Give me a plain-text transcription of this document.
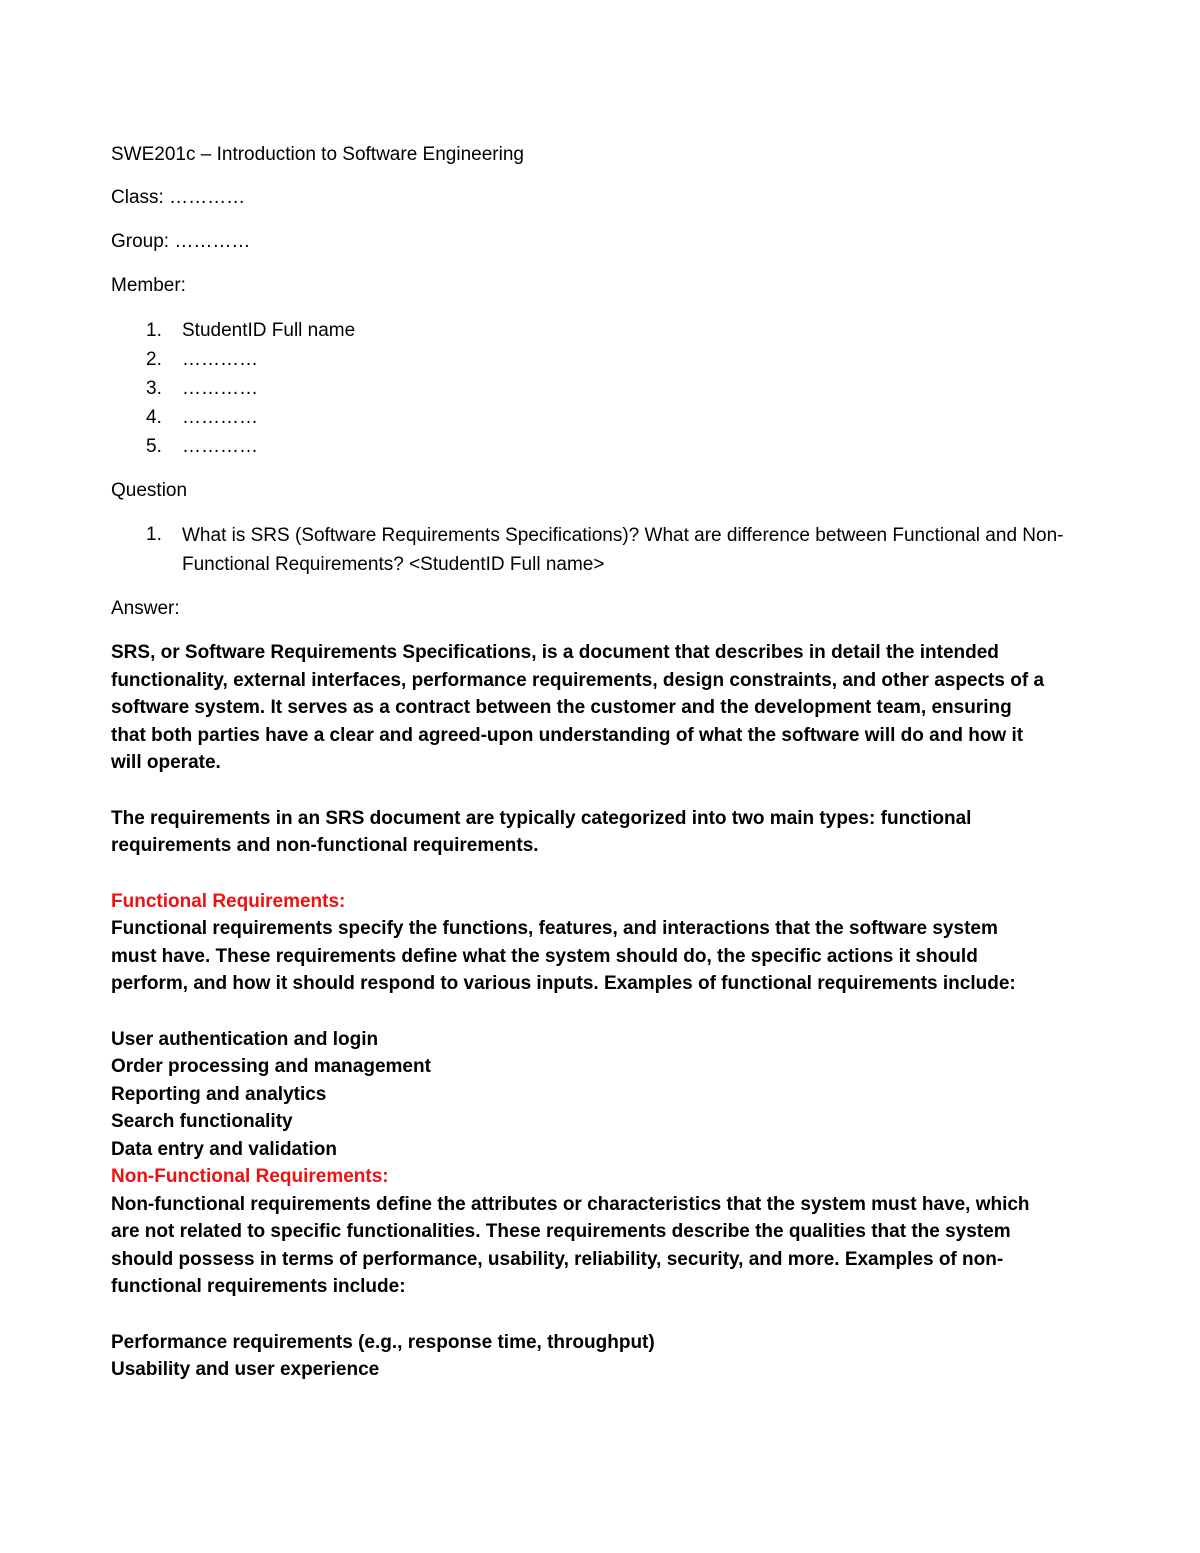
SWE201c – Introduction to Software Engineering
Class: …………
Group: …………
Member:
1.	StudentID Full name
2.	…………
3.	…………
4.	…………
5.	…………
Question
1.	What is SRS (Software Requirements Specifications)? What are difference between Functional and Non-
Functional Requirements? <StudentID Full name>
Answer:
SRS, or Software Requirements Specifications, is a document that describes in detail the intended
functionality, external interfaces, performance requirements, design constraints, and other aspects of a
software system. It serves as a contract between the customer and the development team, ensuring
that both parties have a clear and agreed-upon understanding of what the software will do and how it
will operate.
The requirements in an SRS document are typically categorized into two main types: functional
requirements and non-functional requirements.
Functional Requirements:
Functional requirements specify the functions, features, and interactions that the software system
must have. These requirements define what the system should do, the specific actions it should
perform, and how it should respond to various inputs. Examples of functional requirements include:
User authentication and login
Order processing and management
Reporting and analytics
Search functionality
Data entry and validation
Non-Functional Requirements:
Non-functional requirements define the attributes or characteristics that the system must have, which
are not related to specific functionalities. These requirements describe the qualities that the system
should possess in terms of performance, usability, reliability, security, and more. Examples of non-
functional requirements include:
Performance requirements (e.g., response time, throughput)
Usability and user experience
